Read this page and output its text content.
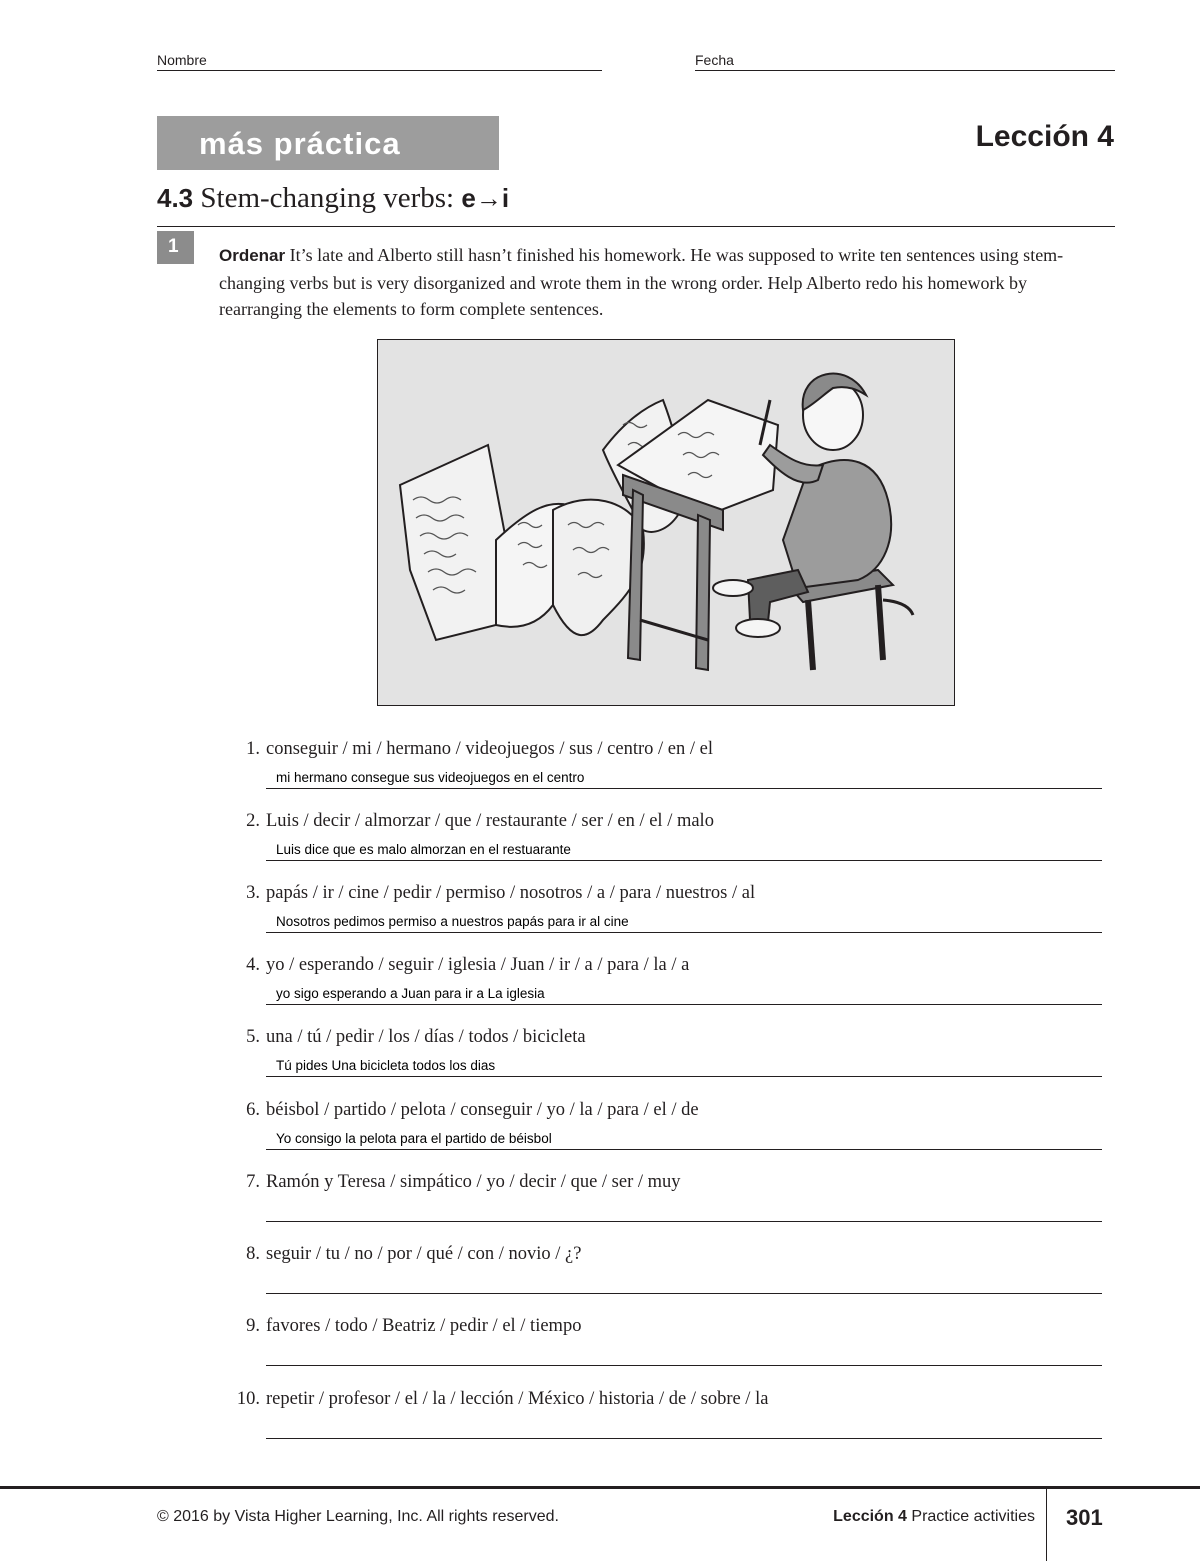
Nombre	Fecha
más práctica	Lección 4
4.3 Stem-changing verbs: e→i
1	Ordenar It’s late and Alberto still hasn’t finished his homework. He was supposed to write ten sentences using stem-changing verbs but is very disorganized and wrote them in the wrong order. Help Alberto redo his homework by rearranging the elements to form complete sentences.
1. conseguir / mi / hermano / videojuegos / sus / centro / en / el
mi hermano consegue sus videojuegos en el centro
2. Luis / decir / almorzar / que / restaurante / ser / en / el / malo
Luis dice que es malo almorzan en el restuarante
3. papás / ir / cine / pedir / permiso / nosotros / a / para / nuestros / al
Nosotros pedimos permiso a nuestros papás para ir al cine
4. yo / esperando / seguir / iglesia / Juan / ir / a / para / la / a
yo sigo esperando a Juan para ir a La iglesia
5. una / tú / pedir / los / días / todos / bicicleta
Tú pides Una bicicleta todos los dias
6. béisbol / partido / pelota / conseguir / yo / la / para / el / de
Yo consigo la pelota para el partido de béisbol
7. Ramón y Teresa / simpático / yo / decir / que / ser / muy
8. seguir / tu / no / por / qué / con / novio / ¿?
9. favores / todo / Beatriz / pedir / el / tiempo
10. repetir / profesor / el / la / lección / México / historia / de / sobre / la
© 2016 by Vista Higher Learning, Inc. All rights reserved.	Lección 4 Practice activities 301
